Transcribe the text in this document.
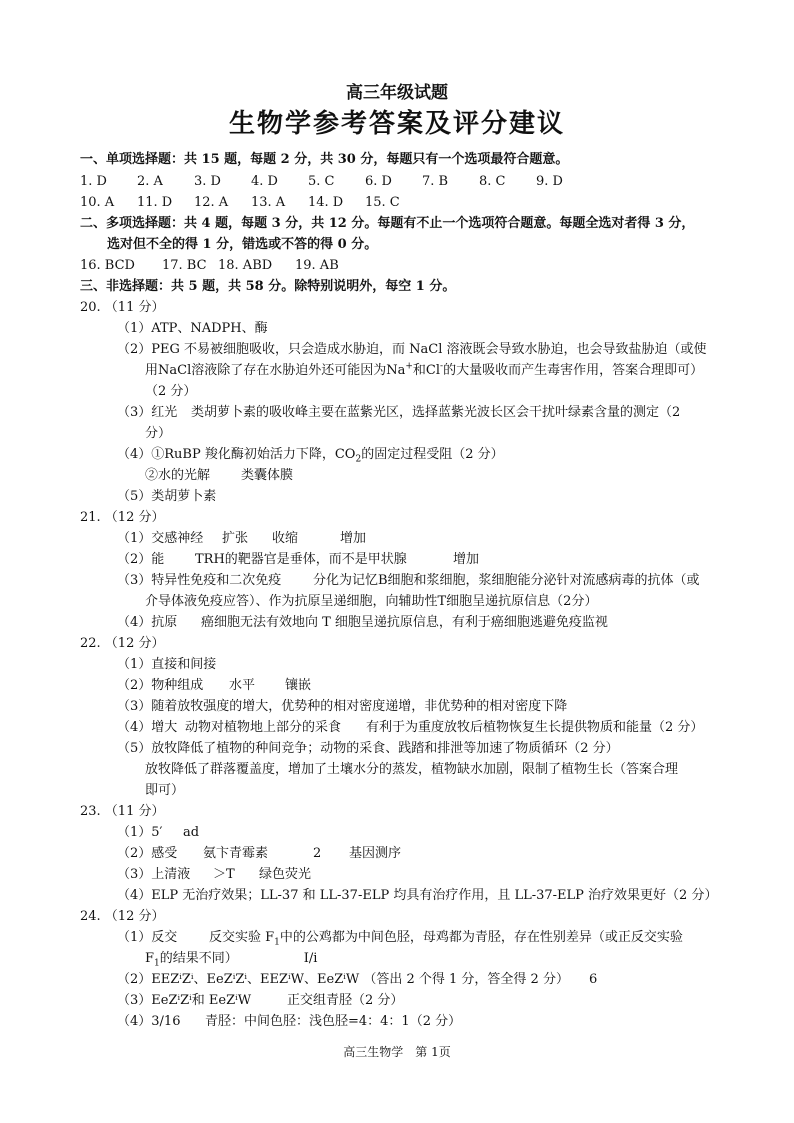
高三年级试题
生物学参考答案及评分建议
一、单项选择题：共 15 题，每题 2 分，共 30 分，每题只有一个选项最符合题意。
1. D 2. A 3. D 4. D 5. C 6. D 7. B 8. C 9. D
10. A 11. D 12. A 13. A 14. D 15. C
二、多项选择题：共 4 题，每题 3 分，共 12 分。每题有不止一个选项符合题意。每题全选对者得 3 分，
选对但不全的得 1 分，错选或不答的得 0 分。
16. BCD 17. BC 18. ABD 19. AB
三、非选择题：共 5 题，共 58 分。除特别说明外，每空 1 分。
20. （11 分）
（1）ATP、NADPH、酶
（2）PEG 不易被细胞吸收，只会造成水胁迫，而 NaCl 溶液既会导致水胁迫，也会导致盐胁迫（或使
用NaCl溶液除了存在水胁迫外还可能因为Na+和Cl-的大量吸收而产生毒害作用，答案合理即可）
（2 分）
（3）红光 类胡萝卜素的吸收峰主要在蓝紫光区，选择蓝紫光波长区会干扰叶绿素含量的测定（2
分）
（4）①RuBP 羧化酶初始活力下降，$CO_2$的固定过程受阻（2 分）
②水的光解 类囊体膜
（5）类胡萝卜素
21. （12 分）
（1）交感神经 扩张 收缩	增加
（2）能 TRH的靶器官是垂体，而不是甲状腺	增加
（3）特异性免疫和二次免疫 分化为记忆B细胞和浆细胞，浆细胞能分泌针对流感病毒的抗体（或
介导体液免疫应答）、作为抗原呈递细胞，向辅助性T细胞呈递抗原信息（2分）
（4）抗原 癌细胞无法有效地向 T 细胞呈递抗原信息，有利于癌细胞逃避免疫监视
22. （12 分）
（1）直接和间接
（2）物种组成 水平 镶嵌
（3）随着放牧强度的增大，优势种的相对密度递增，非优势种的相对密度下降
（4）增大 动物对植物地上部分的采食 有利于为重度放牧后植物恢复生长提供物质和能量（2 分）
（5）放牧降低了植物的种间竞争；动物的采食、践踏和排泄等加速了物质循环（2 分）
放牧降低了群落覆盖度，增加了土壤水分的蒸发，植物缺水加剧，限制了植物生长（答案合理
即可）
23. （11 分）
（1）5′ ad
（2）感受 氨卞青霉素	2 基因测序
（3）上清液 ＞T 绿色荧光
（4）ELP 无治疗效果；LL-37 和 LL-37-ELP 均具有治疗作用，且 LL-37-ELP 治疗效果更好（2 分）
24. （12 分）
（1）反交 反交实验 $F_1$中的公鸡都为中间色胫，母鸡都为青胫，存在性别差异（或正反交实验
$F_1$的结果不同）	I/i
（2）EEZⁱZⁱ、EeZⁱZⁱ、EEZⁱW、EeZⁱW （答出 2 个得 1 分，答全得 2 分） 6
（3）EeZⁱZⁱ和 EeZⁱW	正交组青胫（2 分）
（4）3/16 青胫：中间色胫：浅色胫=4：4：1（2 分）
高三生物学　第 1页
